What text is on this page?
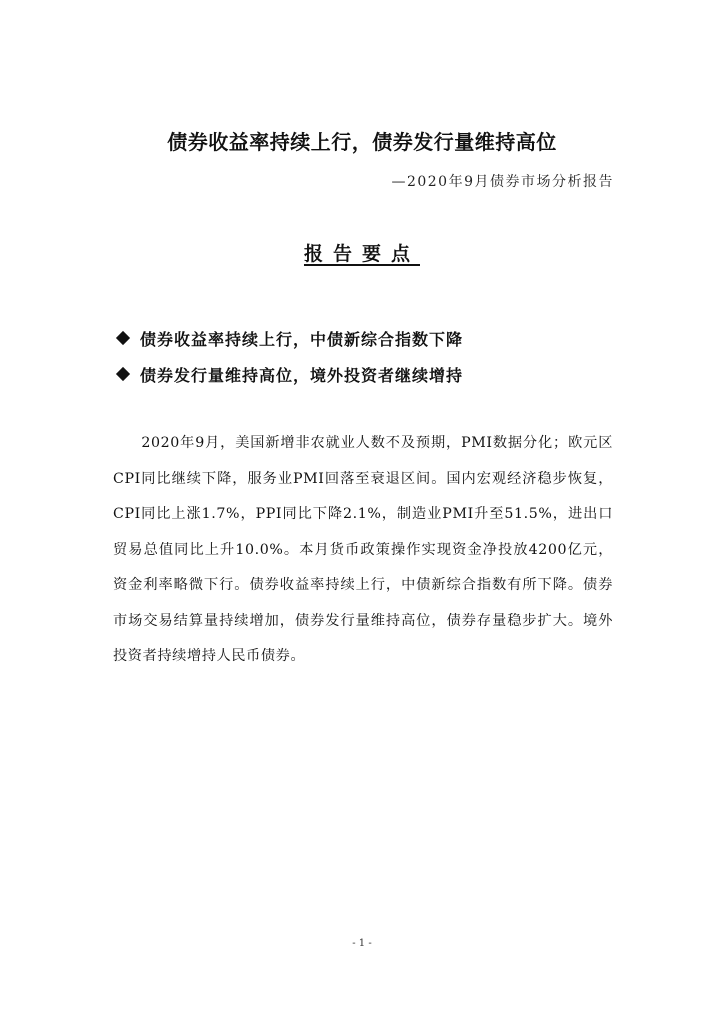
债券收益率持续上行，债券发行量维持高位
—2020年9月债券市场分析报告
报告要点
债券收益率持续上行，中债新综合指数下降
债券发行量维持高位，境外投资者继续增持
2020年9月，美国新增非农就业人数不及预期，PMI数据分化；欧元区CPI同比继续下降，服务业PMI回落至衰退区间。国内宏观经济稳步恢复，CPI同比上涨1.7%，PPI同比下降2.1%，制造业PMI升至51.5%，进出口贸易总值同比上升10.0%。本月货币政策操作实现资金净投放4200亿元，资金利率略微下行。债券收益率持续上行，中债新综合指数有所下降。债券市场交易结算量持续增加，债券发行量维持高位，债券存量稳步扩大。境外投资者持续增持人民币债券。
- 1 -
